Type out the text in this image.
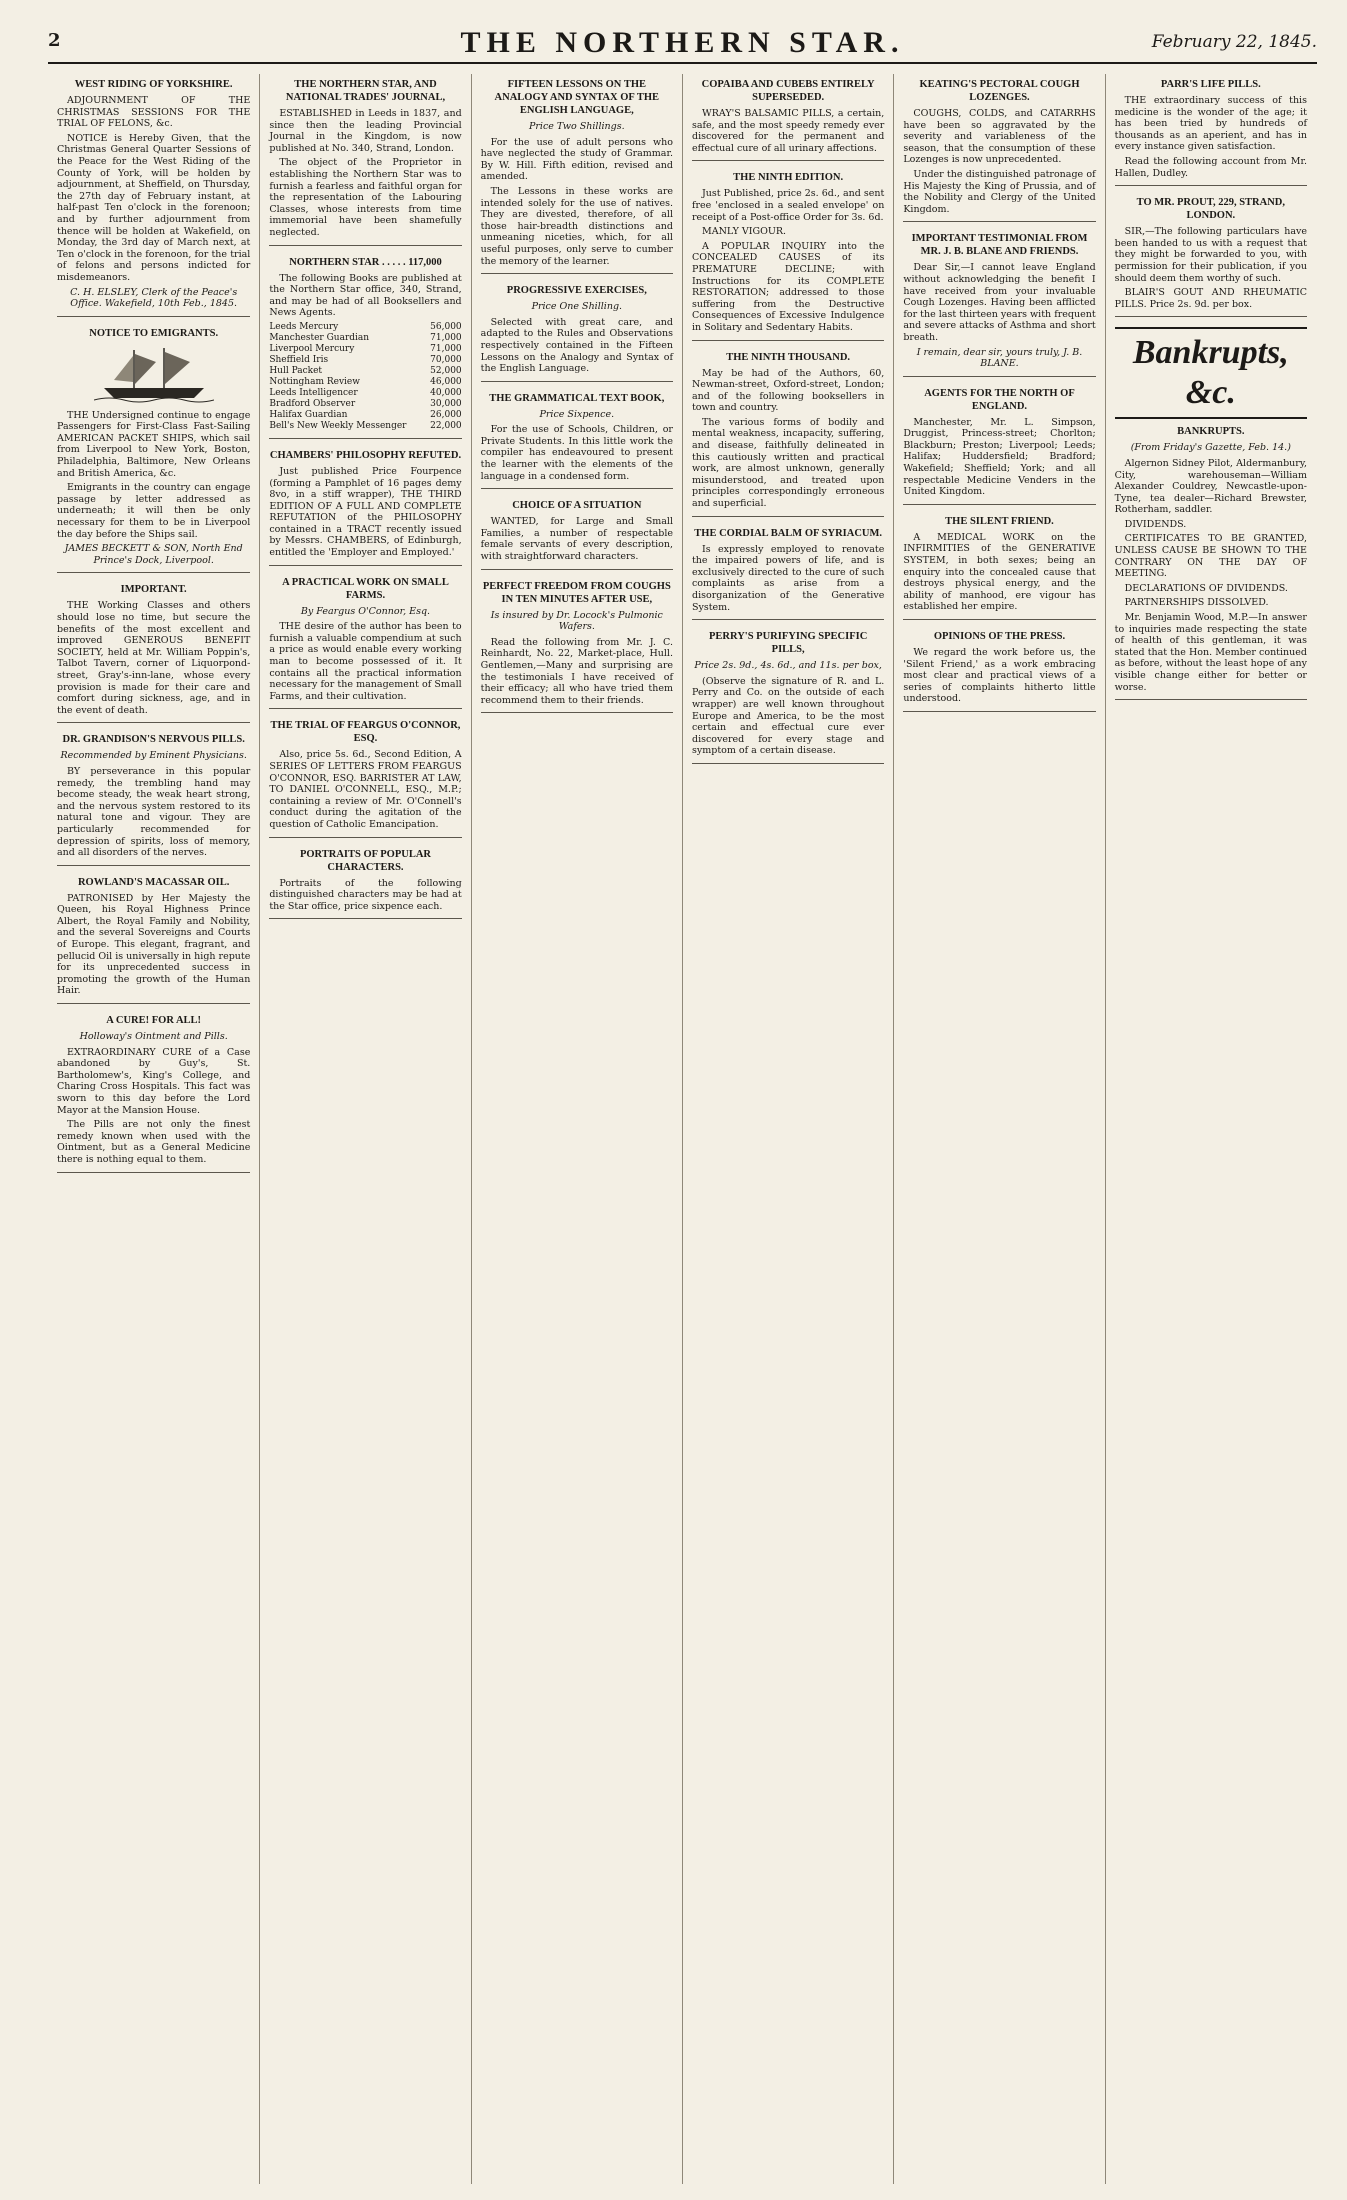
2	THE NORTHERN STAR.	February 22, 1845.
WEST RIDING OF YORKSHIRE.

ADJOURNMENT OF THE CHRISTMAS SESSIONS FOR THE TRIAL OF FELONS, &c.

NOTICE is Hereby Given, that the Christmas General Quarter Sessions of the Peace for the West Riding of the County of York, will be holden by adjournment, at Sheffield, on Thursday, the 27th day of February instant, at half-past Ten o'clock in the forenoon; and by further adjournment from thence will be holden at Wakefield, on Monday, the 3rd day of March next, at Ten o'clock in the forenoon, for the trial of felons and persons indicted for misdemeanors.

C. H. ELSLEY, Clerk of the Peace's Office. Wakefield, 10th Feb., 1845.
NOTICE TO EMIGRANTS.

THE Undersigned continue to engage Passengers for First-Class Fast-Sailing AMERICAN PACKET SHIPS, which sail from Liverpool to New York, Boston, Philadelphia, Baltimore, New Orleans and British America, &c.

Emigrants in the country can engage passage by letter addressed as underneath; it will then be only necessary for them to be in Liverpool the day before the Ships sail.

JAMES BECKETT & SON, North End Prince's Dock, Liverpool.
IMPORTANT.

THE Working Classes and others should lose no time, but secure the benefits of the most excellent and improved GENEROUS BENEFIT SOCIETY, held at Mr. William Poppin's, Talbot Tavern, corner of Liquorpond-street, Gray's-inn-lane, whose every provision is made for their care and comfort during sickness, age, and in the event of death.

DR. GRANDISON'S NERVOUS PILLS.
Recommended by Eminent Physicians.

BY perseverance in this popular remedy, the trembling hand may become steady, the weak heart strong, and the nervous system restored to its natural tone and vigour. They are particularly recommended for depression of spirits, loss of memory, and all disorders of the nerves.

ROWLAND'S MACASSAR OIL.

PATRONISED by Her Majesty the Queen, his Royal Highness Prince Albert, the Royal Family and Nobility, and the several Sovereigns and Courts of Europe. This elegant, fragrant, and pellucid Oil is universally in high repute for its unprecedented success in promoting the growth of the Human Hair.

A CURE! FOR ALL!
Holloway's Ointment and Pills.

EXTRAORDINARY CURE of a Case abandoned by Guy's, St. Bartholomew's, King's College, and Charing Cross Hospitals. This fact was sworn to this day before the Lord Mayor at the Mansion House.

The Pills are not only the finest remedy known when used with the Ointment, but as a General Medicine there is nothing equal to them.

THE NORTHERN STAR, AND NATIONAL TRADES' JOURNAL,

ESTABLISHED in Leeds in 1837, and since then the leading Provincial Journal in the Kingdom, is now published at No. 340, Strand, London.

The object of the Proprietor in establishing the Northern Star was to furnish a fearless and faithful organ for the representation of the Labouring Classes, whose interests from time immemorial have been shamefully neglected.

NORTHERN STAR . . . . . 117,000

The following Books are published at the Northern Star office, 340, Strand, and may be had of all Booksellers and News Agents.

Leeds Mercury	56,000
Manchester Guardian	71,000
Liverpool Mercury	71,000
Sheffield Iris	70,000
Hull Packet	52,000
Nottingham Review	46,000
Leeds Intelligencer	40,000
Bradford Observer	30,000
Halifax Guardian	26,000
Bell's New Weekly Messenger	22,000
CHAMBERS' PHILOSOPHY REFUTED.

Just published Price Fourpence (forming a Pamphlet of 16 pages demy 8vo, in a stiff wrapper), THE THIRD EDITION OF A FULL AND COMPLETE REFUTATION of the PHILOSOPHY contained in a TRACT recently issued by Messrs. CHAMBERS, of Edinburgh, entitled the 'Employer and Employed.'

A PRACTICAL WORK ON SMALL FARMS.
By Feargus O'Connor, Esq.

THE desire of the author has been to furnish a valuable compendium at such a price as would enable every working man to become possessed of it. It contains all the practical information necessary for the management of Small Farms, and their cultivation.

THE TRIAL OF FEARGUS O'CONNOR, ESQ.

Also, price 5s. 6d., Second Edition, A SERIES OF LETTERS FROM FEARGUS O'CONNOR, ESQ. BARRISTER AT LAW, TO DANIEL O'CONNELL, ESQ., M.P.; containing a review of Mr. O'Connell's conduct during the agitation of the question of Catholic Emancipation.

PORTRAITS OF POPULAR CHARACTERS.

Portraits of the following distinguished characters may be had at the Star office, price sixpence each.

FIFTEEN LESSONS ON THE ANALOGY AND SYNTAX OF THE ENGLISH LANGUAGE,
Price Two Shillings.

For the use of adult persons who have neglected the study of Grammar. By W. Hill. Fifth edition, revised and amended.

The Lessons in these works are intended solely for the use of natives. They are divested, therefore, of all those hair-breadth distinctions and unmeaning niceties, which, for all useful purposes, only serve to cumber the memory of the learner.

PROGRESSIVE EXERCISES,
Price One Shilling.

Selected with great care, and adapted to the Rules and Observations respectively contained in the Fifteen Lessons on the Analogy and Syntax of the English Language.

THE GRAMMATICAL TEXT BOOK,
Price Sixpence.

For the use of Schools, Children, or Private Students. In this little work the compiler has endeavoured to present the learner with the elements of the language in a condensed form.

CHOICE OF A SITUATION

WANTED, for Large and Small Families, a number of respectable female servants of every description, with straightforward characters.

PERFECT FREEDOM FROM COUGHS IN TEN MINUTES AFTER USE,
Is insured by Dr. Locock's Pulmonic Wafers.

Read the following from Mr. J. C. Reinhardt, No. 22, Market-place, Hull. Gentlemen,—Many and surprising are the testimonials I have received of their efficacy; all who have tried them recommend them to their friends.

COPAIBA AND CUBEBS ENTIRELY SUPERSEDED.

WRAY'S BALSAMIC PILLS, a certain, safe, and the most speedy remedy ever discovered for the permanent and effectual cure of all urinary affections.

THE NINTH EDITION.

Just Published, price 2s. 6d., and sent free 'enclosed in a sealed envelope' on receipt of a Post-office Order for 3s. 6d.

MANLY VIGOUR.

A POPULAR INQUIRY into the CONCEALED CAUSES of its PREMATURE DECLINE; with Instructions for its COMPLETE RESTORATION; addressed to those suffering from the Destructive Consequences of Excessive Indulgence in Solitary and Sedentary Habits.

THE NINTH THOUSAND.

May be had of the Authors, 60, Newman-street, Oxford-street, London; and of the following booksellers in town and country.

The various forms of bodily and mental weakness, incapacity, suffering, and disease, faithfully delineated in this cautiously written and practical work, are almost unknown, generally misunderstood, and treated upon principles correspondingly erroneous and superficial.

THE CORDIAL BALM OF SYRIACUM.

Is expressly employed to renovate the impaired powers of life, and is exclusively directed to the cure of such complaints as arise from a disorganization of the Generative System.

PERRY'S PURIFYING SPECIFIC PILLS,
Price 2s. 9d., 4s. 6d., and 11s. per box,

(Observe the signature of R. and L. Perry and Co. on the outside of each wrapper) are well known throughout Europe and America, to be the most certain and effectual cure ever discovered for every stage and symptom of a certain disease.

KEATING'S PECTORAL COUGH LOZENGES.

COUGHS, COLDS, and CATARRHS have been so aggravated by the severity and variableness of the season, that the consumption of these Lozenges is now unprecedented.

Under the distinguished patronage of His Majesty the King of Prussia, and of the Nobility and Clergy of the United Kingdom.

IMPORTANT TESTIMONIAL FROM MR. J. B. BLANE AND FRIENDS.

Dear Sir,—I cannot leave England without acknowledging the benefit I have received from your invaluable Cough Lozenges. Having been afflicted for the last thirteen years with frequent and severe attacks of Asthma and short breath.

I remain, dear sir, yours truly, J. B. BLANE.
AGENTS FOR THE NORTH OF ENGLAND.

Manchester, Mr. L. Simpson, Druggist, Princess-street; Chorlton; Blackburn; Preston; Liverpool; Leeds; Halifax; Huddersfield; Bradford; Wakefield; Sheffield; York; and all respectable Medicine Venders in the United Kingdom.

THE SILENT FRIEND.

A MEDICAL WORK on the INFIRMITIES of the GENERATIVE SYSTEM, in both sexes; being an enquiry into the concealed cause that destroys physical energy, and the ability of manhood, ere vigour has established her empire.

OPINIONS OF THE PRESS.

We regard the work before us, the 'Silent Friend,' as a work embracing most clear and practical views of a series of complaints hitherto little understood.

PARR'S LIFE PILLS.

THE extraordinary success of this medicine is the wonder of the age; it has been tried by hundreds of thousands as an aperient, and has in every instance given satisfaction.

Read the following account from Mr. Hallen, Dudley.

TO MR. PROUT, 229, STRAND, LONDON.

SIR,—The following particulars have been handed to us with a request that they might be forwarded to you, with permission for their publication, if you should deem them worthy of such.

BLAIR'S GOUT AND RHEUMATIC PILLS. Price 2s. 9d. per box.

Bankrupts, &c.
BANKRUPTS.
(From Friday's Gazette, Feb. 14.)

Algernon Sidney Pilot, Aldermanbury, City, warehouseman—William Alexander Couldrey, Newcastle-upon-Tyne, tea dealer—Richard Brewster, Rotherham, saddler.

DIVIDENDS.

CERTIFICATES TO BE GRANTED, UNLESS CAUSE BE SHOWN TO THE CONTRARY ON THE DAY OF MEETING.

DECLARATIONS OF DIVIDENDS.

PARTNERSHIPS DISSOLVED.

Mr. Benjamin Wood, M.P.—In answer to inquiries made respecting the state of health of this gentleman, it was stated that the Hon. Member continued as before, without the least hope of any visible change either for better or worse.
